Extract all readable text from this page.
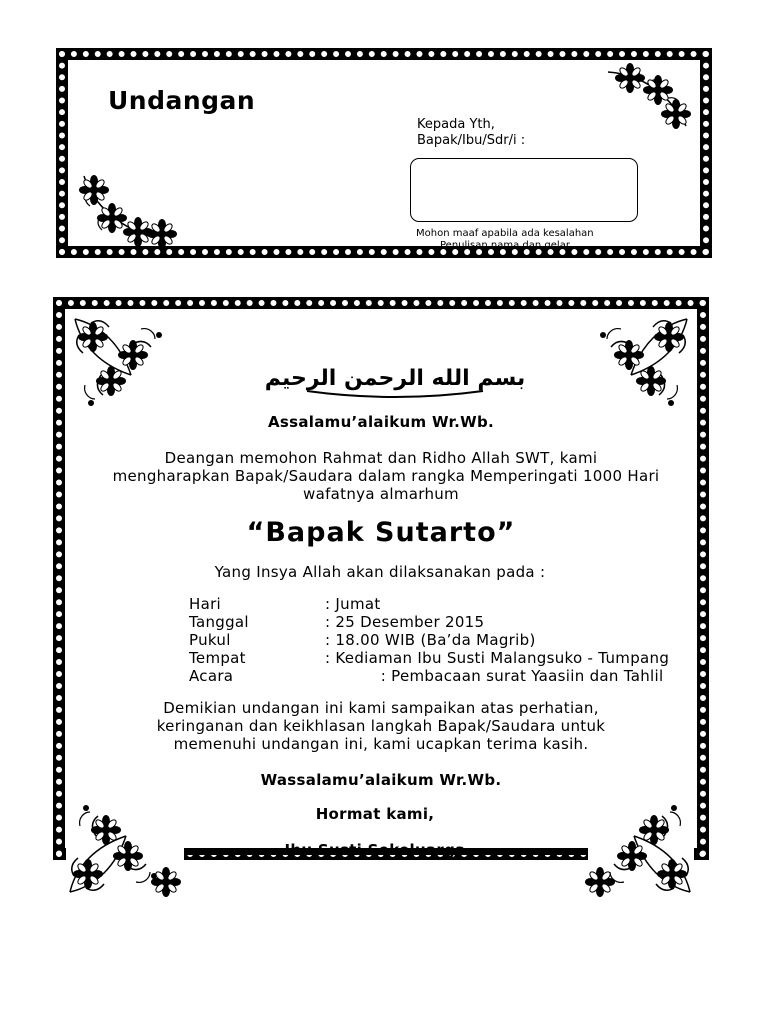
Undangan
Kepada Yth,
Bapak/Ibu/Sdr/i :
Mohon maaf apabila ada kesalahan
Penulisan nama dan gelar
بسم الله الرحمن الرحيم
Assalamu’alaikum Wr.Wb.
Deangan memohon Rahmat dan Ridho Allah SWT, kami
mengharapkan Bapak/Saudara dalam rangka Memperingati 1000 Hari
wafatnya almarhum
“Bapak Sutarto”
Yang Insya Allah akan dilaksanakan pada :
Hari	: Jumat
Tanggal	: 25 Desember 2015
Pukul	: 18.00 WIB (Ba’da Magrib)
Tempat	: Kediaman Ibu Susti Malangsuko - Tumpang
Acara	: Pembacaan surat Yaasiin dan Tahlil
Demikian undangan ini kami sampaikan atas perhatian,
keringanan dan keikhlasan langkah Bapak/Saudara untuk
memenuhi undangan ini, kami ucapkan terima kasih.
Wassalamu’alaikum Wr.Wb.
Hormat kami,
